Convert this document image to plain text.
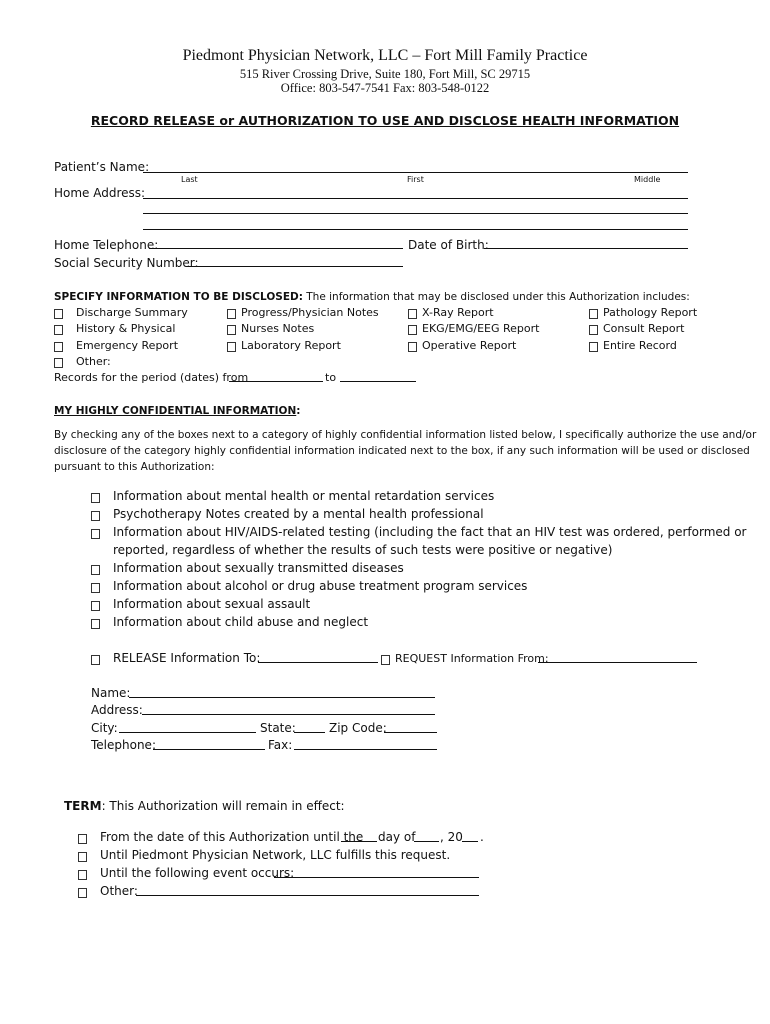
Piedmont Physician Network, LLC – Fort Mill Family Practice
515 River Crossing Drive, Suite 180, Fort Mill, SC 29715
Office: 803-547-7541 Fax: 803-548-0122
RECORD RELEASE or AUTHORIZATION TO USE AND DISCLOSE HEALTH INFORMATION
Patient’s Name:
Last	First	Middle
Home Address:
Home Telephone:	Date of Birth:
Social Security Number:
SPECIFY INFORMATION TO BE DISCLOSED: The information that may be disclosed under this Authorization includes:
Discharge Summary	Progress/Physician Notes	X-Ray Report	Pathology Report
History & Physical	Nurses Notes	EKG/EMG/EEG Report	Consult Report
Emergency Report	Laboratory Report	Operative Report	Entire Record
Other:
Records for the period (dates) from	to
MY HIGHLY CONFIDENTIAL INFORMATION:
By checking any of the boxes next to a category of highly confidential information listed below, I specifically authorize the use and/or
disclosure of the category highly confidential information indicated next to the box, if any such information will be used or disclosed
pursuant to this Authorization:
Information about mental health or mental retardation services
Psychotherapy Notes created by a mental health professional
Information about HIV/AIDS-related testing (including the fact that an HIV test was ordered, performed or
reported, regardless of whether the results of such tests were positive or negative)
Information about sexually transmitted diseases
Information about alcohol or drug abuse treatment program services
Information about sexual assault
Information about child abuse and neglect
RELEASE Information To:	REQUEST Information From:
Name:
Address:
City:	State:	Zip Code:
Telephone:	Fax:
TERM: This Authorization will remain in effect:
From the date of this Authorization until the day of , 20 .
Until Piedmont Physician Network, LLC fulfills this request.
Until the following event occurs:
Other:
